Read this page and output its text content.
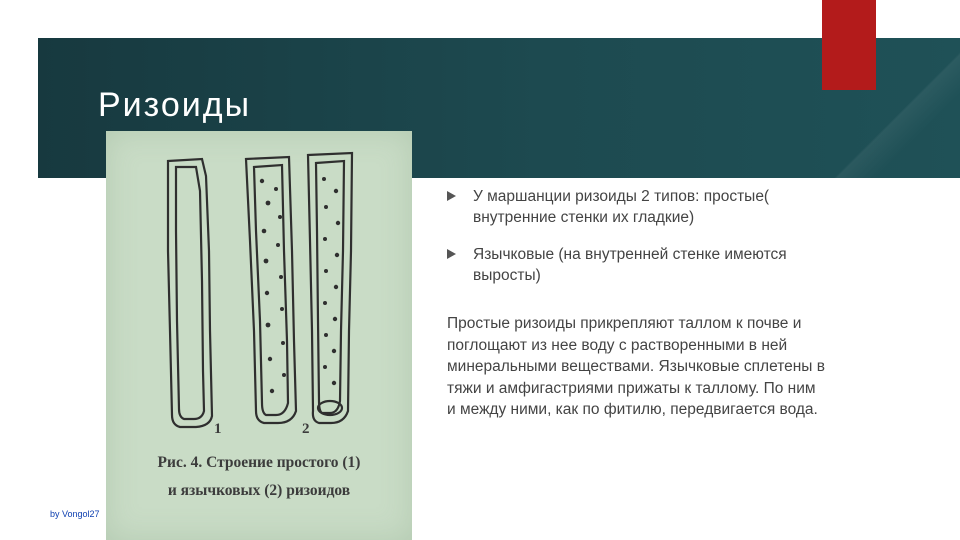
Ризоиды
1	2
Рис. 4. Строение простого (1)
и язычковых (2) ризоидов
У маршанции ризоиды 2 типов: простые( внутренние стенки их гладкие)
Язычковые (на внутренней стенке имеются выросты)

Простые ризоиды прикрепляют таллом к почве и поглощают из нее воду с растворенными в ней минеральными веществами. Язычковые сплетены в тяжи и амфигастриями прижаты к таллому. По ним и между ними, как по фитилю, передвигается вода.

by Vongol27
